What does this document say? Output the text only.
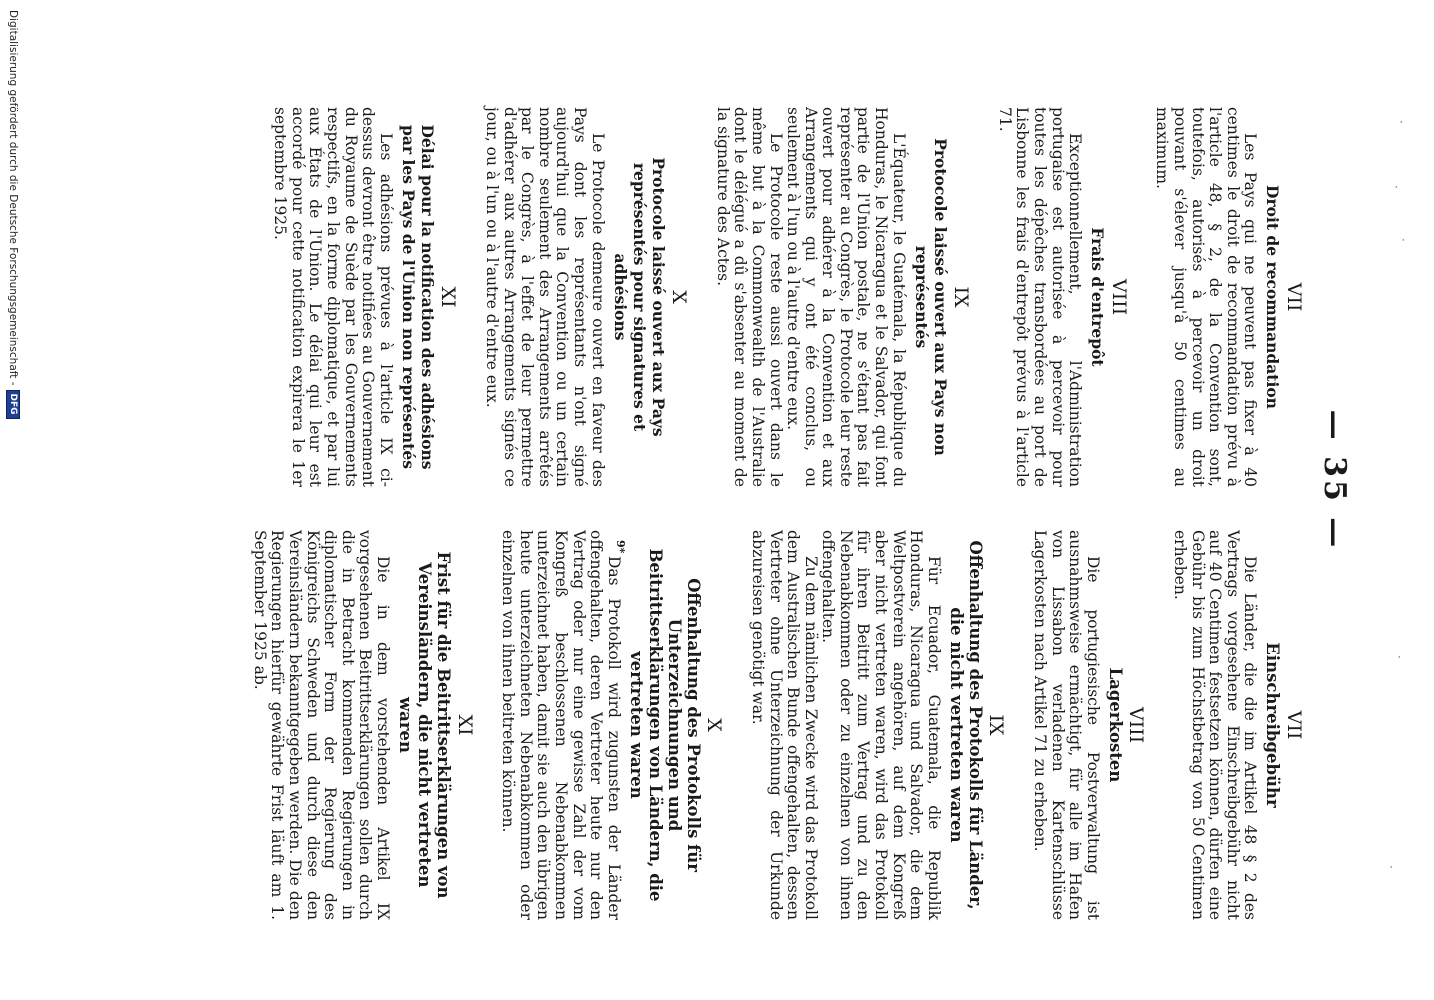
·
·
·
·
·
— 35 —
VII
Droit de recommandation

Les Pays qui ne peuvent pas fixer à 40 centimes le droit de recommandation prévu à l'article 48, § 2, de la Convention sont, toutefois, autorisés à percevoir un droit pouvant s'élever jusqu'à 50 centimes au maximum.

VIII
Frais d'entrepôt

Exceptionnellement, l'Administration portugaise est autorisée à percevoir pour toutes les dépêches transbordées au port de Lisbonne les frais d'entrepôt prévus à l'article 71.

IX
Protocole laissé ouvert aux Pays non représentés

L'Équateur, le Guatémala, la République du Honduras, le Nicaragua et le Salvador, qui font partie de l'Union postale, ne s'étant pas fait représenter au Congrès, le Protocole leur reste ouvert pour adhérer à la Convention et aux Arrangements qui y ont été conclus, ou seulement à l'un ou à l'autre d'entre eux.

Le Protocole reste aussi ouvert dans le même but à la Commonwealth de l'Australie dont le délégué a dû s'absenter au moment de la signature des Actes.

X
Protocole laissé ouvert aux Pays représentés pour signatures et adhésions

Le Protocole demeure ouvert en faveur des Pays dont les représentants n'ont signé aujourd'hui que la Convention ou un certain nombre seulement des Arrangements arrêtés par le Congrès, à l'effet de leur permettre d'adhérer aux autres Arrangements signés ce jour, ou à l'un ou à l'autre d'entre eux.

XI
Délai pour la notification des adhésions par les Pays de l'Union non représentés

Les adhésions prévues à l'article IX ci-dessus devront être notifiées au Gouvernement du Royaume de Suède par les Gouvernements respectifs, en la forme diplomatique, et par lui aux États de l'Union. Le délai qui leur est accordé pour cette notification expirera le 1er septembre 1925.

VII
Einschreibgebühr

Die Länder, die die im Artikel 48 § 2 des Vertrags vorgesehene Einschreibgebühr nicht auf 40 Centimen festsetzen können, dürfen eine Gebühr bis zum Höchstbetrag von 50 Centimen erheben.

VIII
Lagerkosten

Die portugiesische Postverwaltung ist ausnahmsweise ermächtigt, für alle im Hafen von Lissabon verladenen Kartenschlüsse Lagerkosten nach Artikel 71 zu erheben.

IX
Offenhaltung des Protokolls für Länder, die nicht vertreten waren

Für Ecuador, Guatemala, die Republik Honduras, Nicaragua und Salvador, die dem Weltpostverein angehören, auf dem Kongreß aber nicht vertreten waren, wird das Protokoll für ihren Beitritt zum Vertrag und zu den Nebenabkommen oder zu einzelnen von ihnen offengehalten.

Zu dem nämlichen Zwecke wird das Protokoll dem Australischen Bunde offengehalten, dessen Vertreter ohne Unterzeichnung der Urkunde abzureisen genötigt war.

X
Offenhaltung des Protokolls für Unterzeichnungen und Beitrittserklärungen von Ländern, die vertreten waren

Das Protokoll wird zugunsten der Länder offengehalten, deren Vertreter heute nur den Vertrag oder nur eine gewisse Zahl der vom Kongreß beschlossenen Nebenabkommen unterzeichnet haben, damit sie auch den übrigen heute unterzeichneten Nebenabkommen oder einzelnen von ihnen beitreten können.

XI
Frist für die Beitrittserklärungen von Vereinsländern, die nicht vertreten waren

Die in dem vorstehenden Artikel IX vorgesehenen Beitrittserklärungen sollen durch die in Betracht kommenden Regierungen in diplomatischer Form der Regierung des Königreichs Schweden und durch diese den Vereinsländern bekanntgegeben werden. Die den Regierungen hierfür gewährte Frist läuft am 1. September 1925 ab.	9*
Digitalisierung gefördert durch die Deutsche Forschungsgemeinschaft -
DFG
